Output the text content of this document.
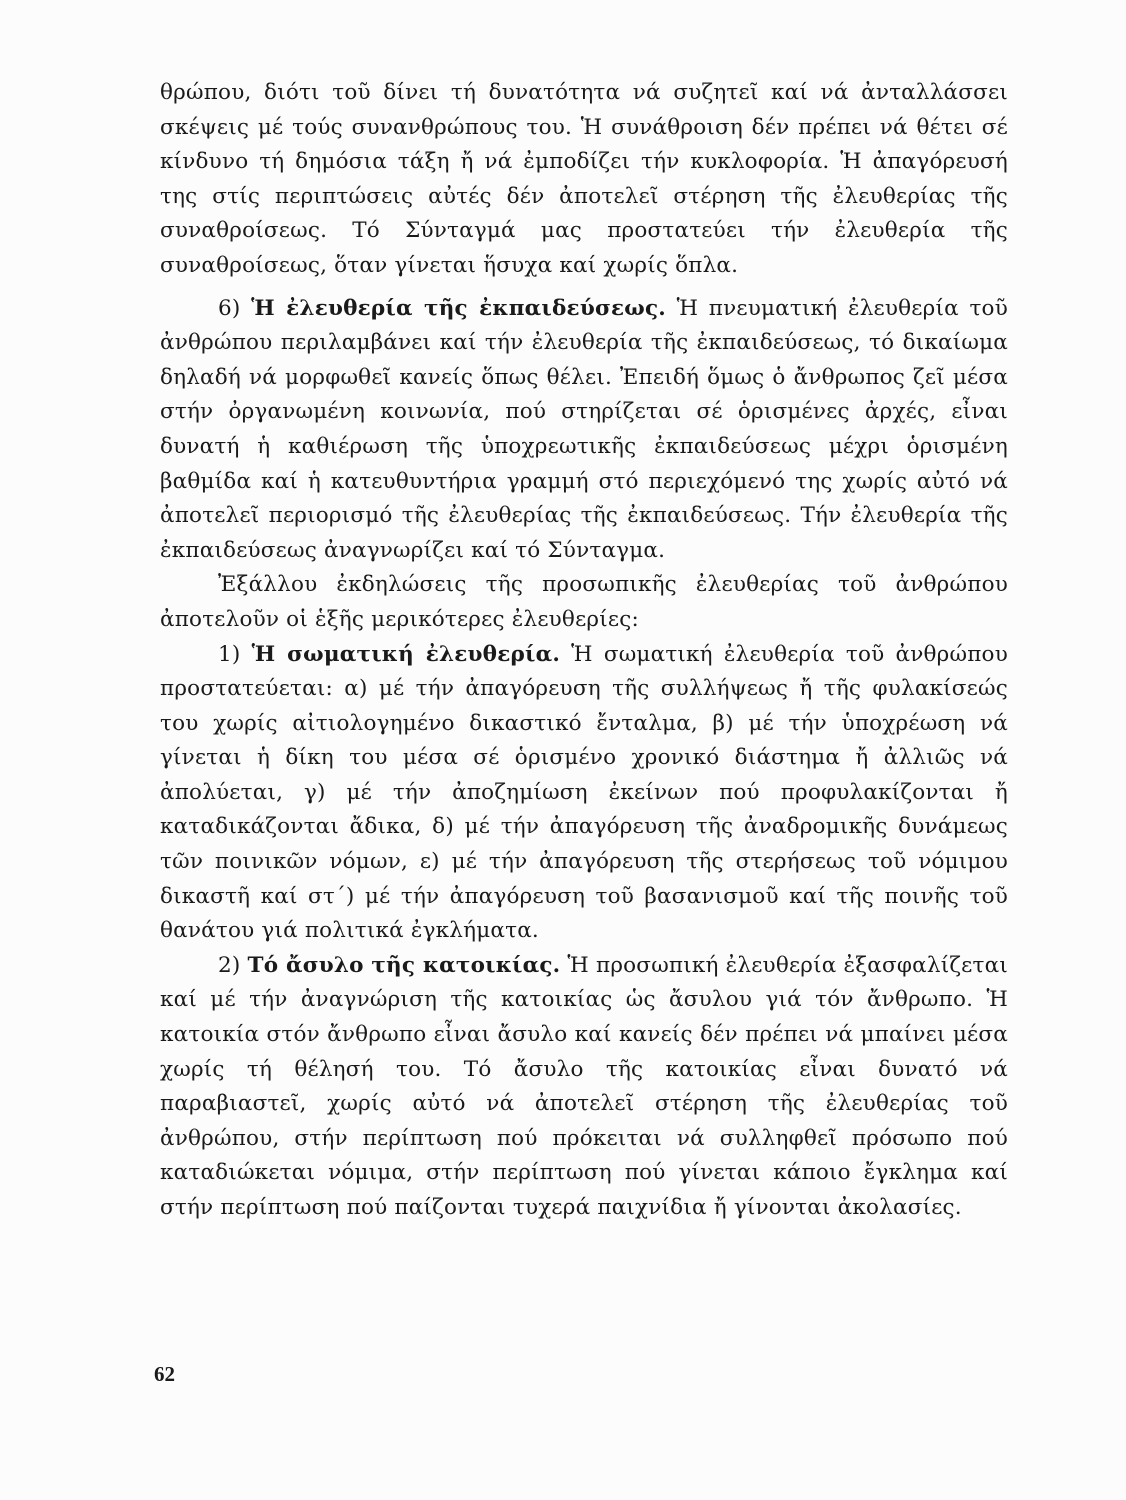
θρώπου, διότι τοῦ δίνει τή δυνατότητα νά συζητεῖ καί νά ἀνταλλάσσει σκέψεις μέ τούς συνανθρώπους του. Ἡ συνάθροιση δέν πρέπει νά θέτει σέ κίνδυνο τή δημόσια τάξη ἤ νά ἐμποδίζει τήν κυκλοφορία. Ἡ ἀπαγόρευσή της στίς περιπτώσεις αὐτές δέν ἀποτελεῖ στέρηση τῆς ἐλευθερίας τῆς συναθροίσεως. Τό Σύνταγμά μας προστατεύει τήν ἐλευθερία τῆς συναθροίσεως, ὅταν γίνεται ἥσυχα καί χωρίς ὅπλα.

6) Ἡ ἐλευθερία τῆς ἐκπαιδεύσεως. Ἡ πνευματική ἐλευθερία τοῦ ἀνθρώπου περιλαμβάνει καί τήν ἐλευθερία τῆς ἐκπαιδεύσεως, τό δικαίωμα δηλαδή νά μορφωθεῖ κανείς ὅπως θέλει. Ἐπειδή ὅμως ὁ ἄνθρωπος ζεῖ μέσα στήν ὀργανωμένη κοινωνία, πού στηρίζεται σέ ὁρισμένες ἀρχές, εἶναι δυνατή ἡ καθιέρωση τῆς ὑποχρεωτικῆς ἐκπαιδεύσεως μέχρι ὁρισμένη βαθμίδα καί ἡ κατευθυντήρια γραμμή στό περιεχόμενό της χωρίς αὐτό νά ἀποτελεῖ περιορισμό τῆς ἐλευθερίας τῆς ἐκπαιδεύσεως. Τήν ἐλευθερία τῆς ἐκπαιδεύσεως ἀναγνωρίζει καί τό Σύνταγμα.

Ἐξάλλου ἐκδηλώσεις τῆς προσωπικῆς ἐλευθερίας τοῦ ἀνθρώπου ἀποτελοῦν οἱ ἑξῆς μερικότερες ἐλευθερίες:

1) Ἡ σωματική ἐλευθερία. Ἡ σωματική ἐλευθερία τοῦ ἀνθρώπου προστατεύεται: α) μέ τήν ἀπαγόρευση τῆς συλλήψεως ἤ τῆς φυλακίσεώς του χωρίς αἰτιολογημένο δικαστικό ἔνταλμα, β) μέ τήν ὑποχρέωση νά γίνεται ἡ δίκη του μέσα σέ ὁρισμένο χρονικό διάστημα ἤ ἀλλιῶς νά ἀπολύεται, γ) μέ τήν ἀποζημίωση ἐκείνων πού προφυλακίζονται ἤ καταδικάζονται ἄδικα, δ) μέ τήν ἀπαγόρευση τῆς ἀναδρομικῆς δυνάμεως τῶν ποινικῶν νόμων, ε) μέ τήν ἀπαγόρευση τῆς στερήσεως τοῦ νόμιμου δικαστῆ καί στ΄) μέ τήν ἀπαγόρευση τοῦ βασανισμοῦ καί τῆς ποινῆς τοῦ θανάτου γιά πολιτικά ἐγκλήματα.

2) Τό ἄσυλο τῆς κατοικίας. Ἡ προσωπική ἐλευθερία ἐξασφαλίζεται καί μέ τήν ἀναγνώριση τῆς κατοικίας ὡς ἄσυλου γιά τόν ἄνθρωπο. Ἡ κατοικία στόν ἄνθρωπο εἶναι ἄσυλο καί κανείς δέν πρέπει νά μπαίνει μέσα χωρίς τή θέλησή του. Τό ἄσυλο τῆς κατοικίας εἶναι δυνατό νά παραβιαστεῖ, χωρίς αὐτό νά ἀποτελεῖ στέρηση τῆς ἐλευθερίας τοῦ ἀνθρώπου, στήν περίπτωση πού πρόκειται νά συλληφθεῖ πρόσωπο πού καταδιώκεται νόμιμα, στήν περίπτωση πού γίνεται κάποιο ἔγκλημα καί στήν περίπτωση πού παίζονται τυχερά παιχνίδια ἤ γίνονται ἀκολασίες.

62
